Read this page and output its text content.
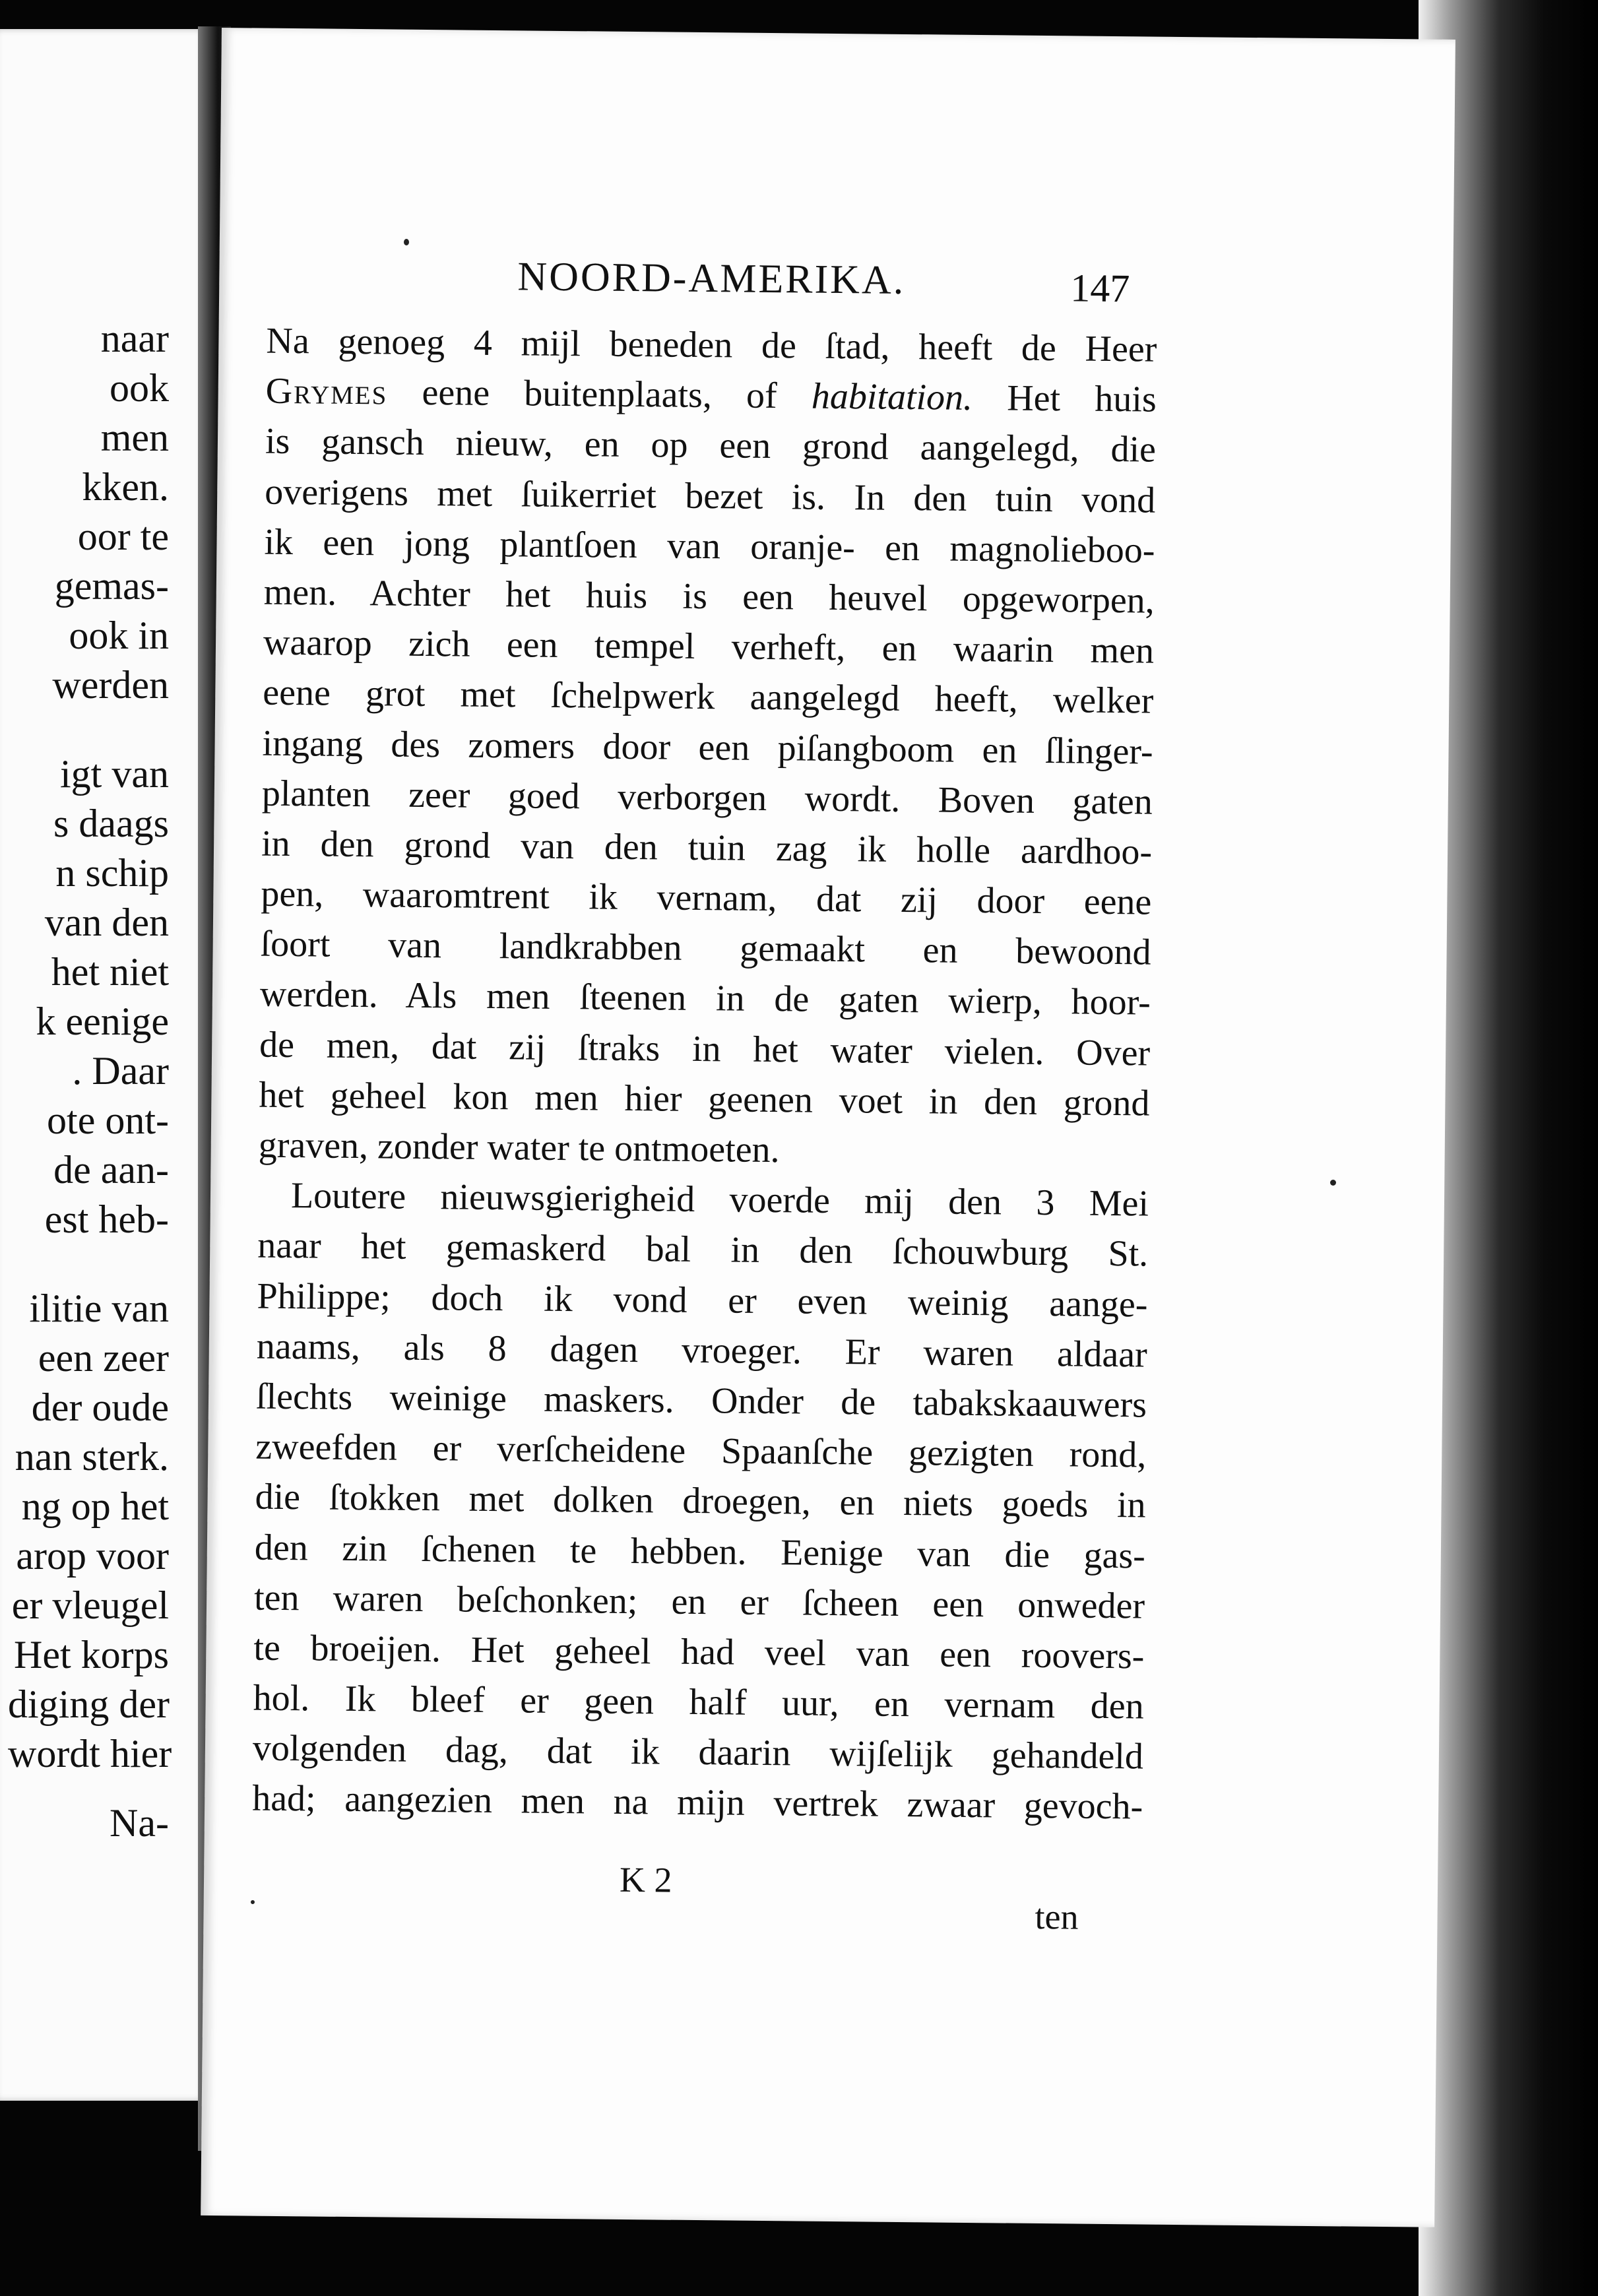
naar
ook
men
kken.
oor te
gemas-
ook in
werden
igt van
s daags
n schip
van den
het niet
k eenige
. Daar
ote ont-
de aan-
est heb-
ilitie van
een zeer
der oude
nan sterk.
ng op het
arop voor
er vleugel
Het korps
diging der
wordt hier
Na-
NOORD-AMERIKA.	147
Na genoeg 4 mijl beneden de ſtad, heeft de Heer
Grymes eene buitenplaats, of habitation. Het huis
is gansch nieuw, en op een grond aangelegd, die
overigens met ſuikerriet bezet is. In den tuin vond
ik een jong plantſoen van oranje- en magnolieboo-
men. Achter het huis is een heuvel opgeworpen,
waarop zich een tempel verheft, en waarin men
eene grot met ſchelpwerk aangelegd heeft, welker
ingang des zomers door een piſangboom en ſlinger-
planten zeer goed verborgen wordt. Boven gaten
in den grond van den tuin zag ik holle aardhoo-
pen, waaromtrent ik vernam, dat zij door eene
ſoort van landkrabben gemaakt en bewoond
werden. Als men ſteenen in de gaten wierp, hoor-
de men, dat zij ſtraks in het water vielen. Over
het geheel kon men hier geenen voet in den grond
graven, zonder water te ontmoeten.
Loutere nieuwsgierigheid voerde mij den 3 Mei
naar het gemaskerd bal in den ſchouwburg St.
Philippe; doch ik vond er even weinig aange-
naams, als 8 dagen vroeger. Er waren aldaar
ſlechts weinige maskers. Onder de tabakskaauwers
zweefden er verſcheidene Spaanſche gezigten rond,
die ſtokken met dolken droegen, en niets goeds in
den zin ſchenen te hebben. Eenige van die gas-
ten waren beſchonken; en er ſcheen een onweder
te broeijen. Het geheel had veel van een roovers-
hol. Ik bleef er geen half uur, en vernam den
volgenden dag, dat ik daarin wijſelijk gehandeld
had; aangezien men na mijn vertrek zwaar gevoch-
K 2
ten
